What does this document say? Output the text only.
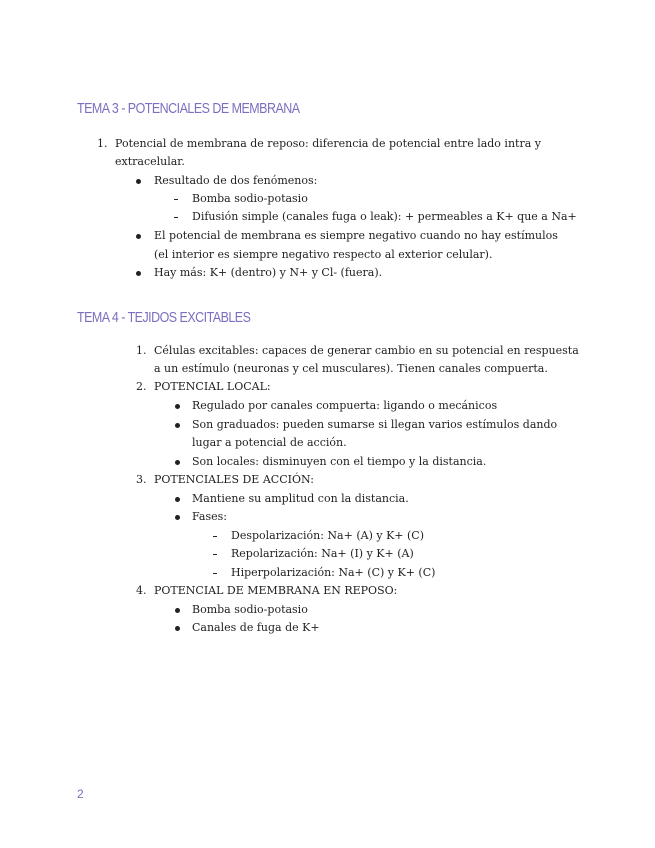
TEMA 3 - POTENCIALES DE MEMBRANA
1. Potencial de membrana de reposo: diferencia de potencial entre lado intra y
extracelular.
Resultado de dos fenómenos:
Bomba sodio-potasio
Difusión simple (canales fuga o leak): + permeables a K+ que a Na+
El potencial de membrana es siempre negativo cuando no hay estímulos
(el interior es siempre negativo respecto al exterior celular).
Hay más: K+ (dentro) y N+ y Cl- (fuera).
TEMA 4 - TEJIDOS EXCITABLES
1. Células excitables: capaces de generar cambio en su potencial en respuesta
a un estímulo (neuronas y cel musculares). Tienen canales compuerta.
2. POTENCIAL LOCAL:
Regulado por canales compuerta: ligando o mecánicos
Son graduados: pueden sumarse si llegan varios estímulos dando
lugar a potencial de acción.
Son locales: disminuyen con el tiempo y la distancia.
3. POTENCIALES DE ACCIÓN:
Mantiene su amplitud con la distancia.
Fases:
Despolarización: Na+ (A) y K+ (C)
Repolarización: Na+ (I) y K+ (A)
Hiperpolarización: Na+ (C) y K+ (C)
4. POTENCIAL DE MEMBRANA EN REPOSO:
Bomba sodio-potasio
Canales de fuga de K+
2
